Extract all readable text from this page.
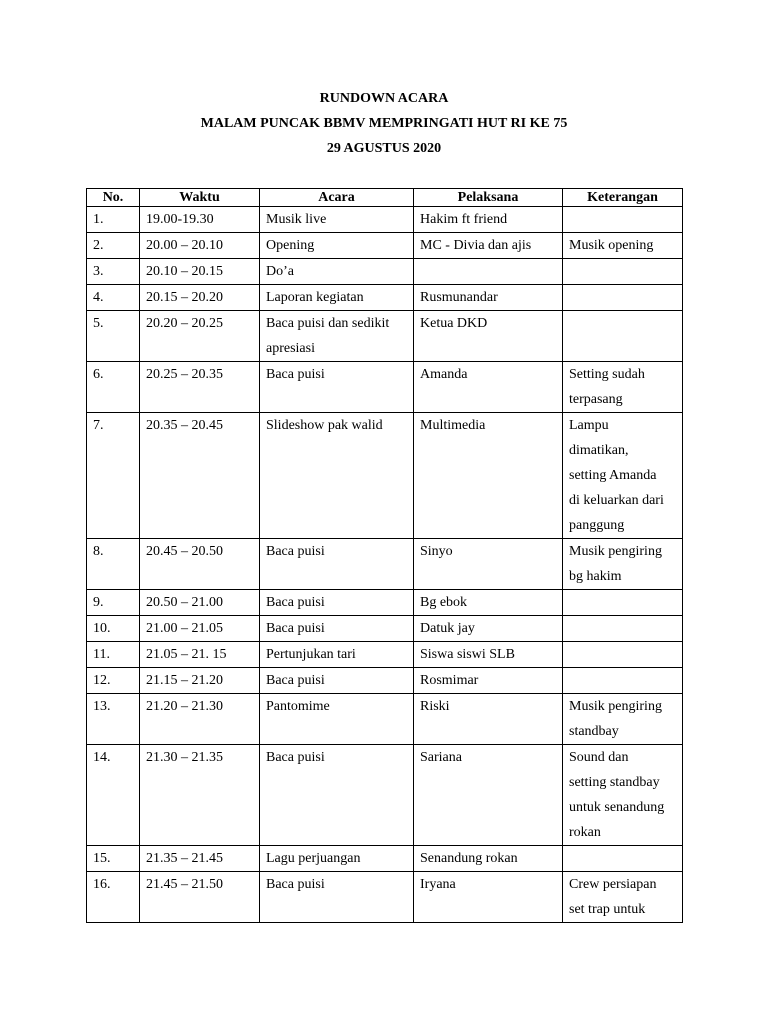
RUNDOWN ACARA
MALAM PUNCAK BBMV MEMPRINGATI HUT RI KE 75
29 AGUSTUS 2020
No.	Waktu	Acara	Pelaksana	Keterangan
1.	19.00-19.30	Musik live	Hakim ft friend	
2.	20.00 – 20.10	Opening	MC - Divia dan ajis	Musik opening
3.	20.10 – 20.15	Do’a		
4.	20.15 – 20.20	Laporan kegiatan	Rusmunandar	
5.	20.20 – 20.25	Baca puisi dan sedikit
apresiasi	Ketua DKD	
6.	20.25 – 20.35	Baca puisi	Amanda	Setting sudah
terpasang
7.	20.35 – 20.45	Slideshow pak walid	Multimedia	Lampu
dimatikan,
setting Amanda
di keluarkan dari
panggung
8.	20.45 – 20.50	Baca puisi	Sinyo	Musik pengiring
bg hakim
9.	20.50 – 21.00	Baca puisi	Bg ebok	
10.	21.00 – 21.05	Baca puisi	Datuk jay	
11.	21.05 – 21. 15	Pertunjukan tari	Siswa siswi SLB	
12.	21.15 – 21.20	Baca puisi	Rosmimar	
13.	21.20 – 21.30	Pantomime	Riski	Musik pengiring
standbay
14.	21.30 – 21.35	Baca puisi	Sariana	Sound dan
setting standbay
untuk senandung
rokan
15.	21.35 – 21.45	Lagu perjuangan	Senandung rokan	
16.	21.45 – 21.50	Baca puisi	Iryana	Crew persiapan
set trap untuk
